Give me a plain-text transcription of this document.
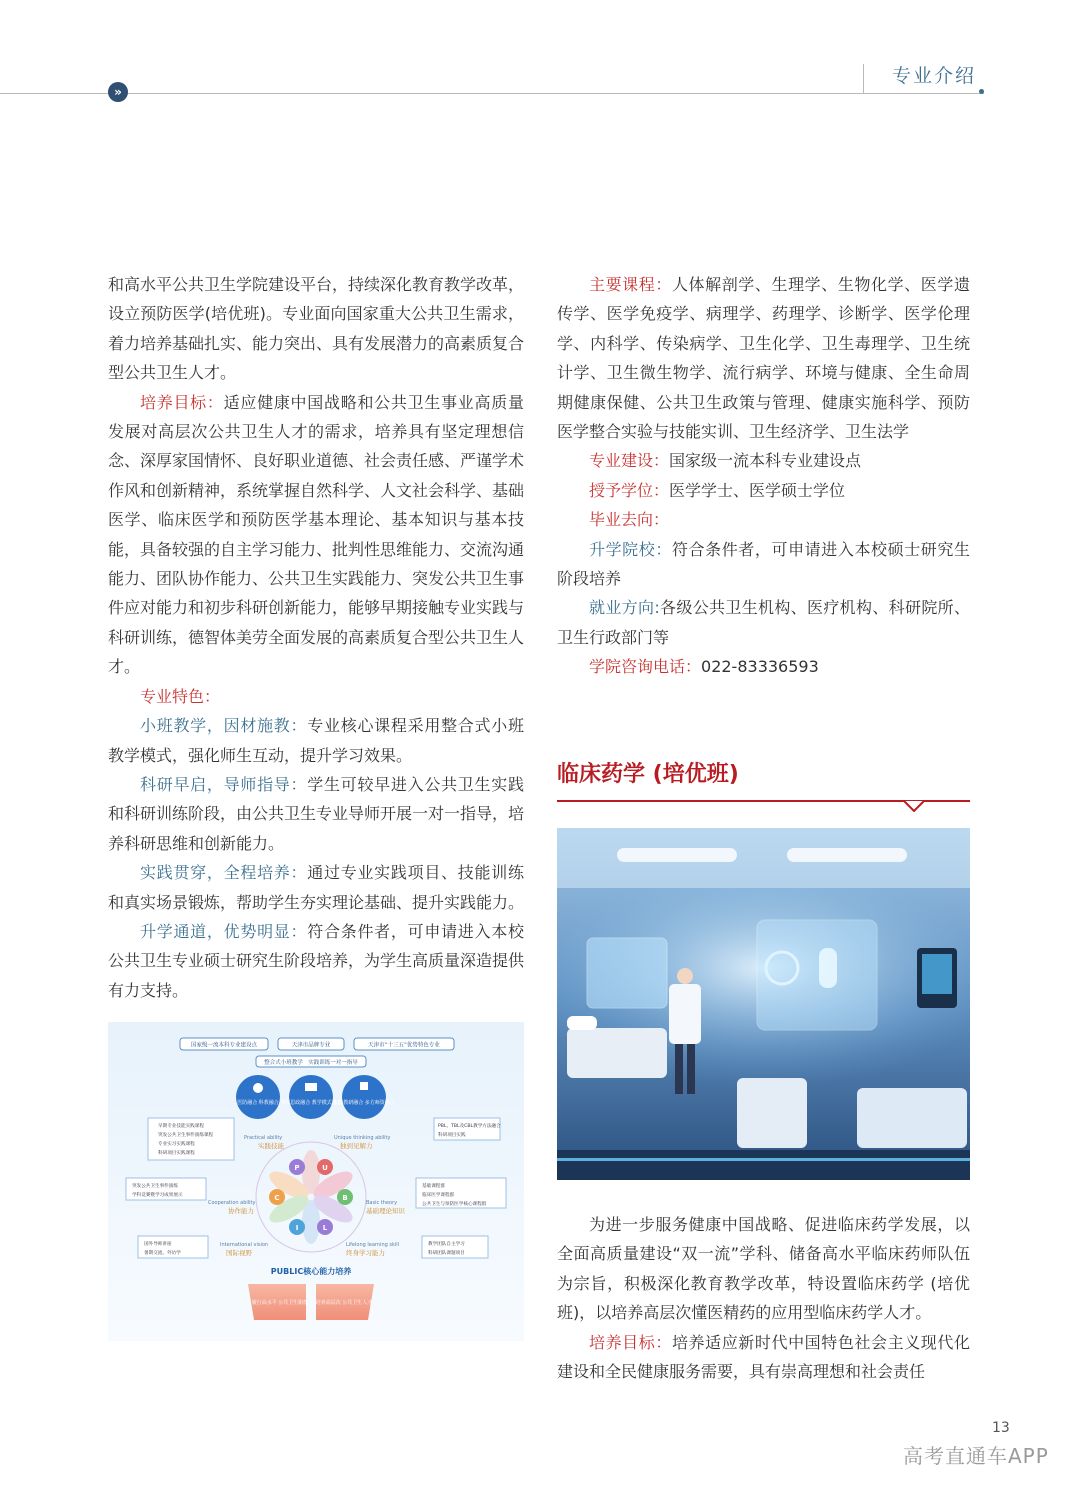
专业介绍
»

和高水平公共卫生学院建设平台，持续深化教育教学改革，设立预防医学(培优班)。专业面向国家重大公共卫生需求，着力培养基础扎实、能力突出、具有发展潜力的高素质复合型公共卫生人才。

培养目标：适应健康中国战略和公共卫生事业高质量发展对高层次公共卫生人才的需求，培养具有坚定理想信念、深厚家国情怀、良好职业道德、社会责任感、严谨学术作风和创新精神，系统掌握自然科学、人文社会科学、基础医学、临床医学和预防医学基本理论、基本知识与基本技能，具备较强的自主学习能力、批判性思维能力、交流沟通能力、团队协作能力、公共卫生实践能力、突发公共卫生事件应对能力和初步科研创新能力，能够早期接触专业实践与科研训练，德智体美劳全面发展的高素质复合型公共卫生人才。

专业特色：

小班教学，因材施教：专业核心课程采用整合式小班教学模式，强化师生互动，提升学习效果。

科研早启，导师指导：学生可较早进入公共卫生实践和科研训练阶段，由公共卫生专业导师开展一对一指导，培养科研思维和创新能力。

实践贯穿，全程培养：通过专业实践项目、技能训练和真实场景锻炼，帮助学生夯实理论基础、提升实践能力。

升学通道，优势明显：符合条件者，可申请进入本校公共卫生专业硕士研究生阶段培养，为学生高质量深造提供有力支持。

国家级一流本科专业建设点	天津市品牌专业	天津市“十三五”优势特色专业
整合式小班教学　实践训练一对一指导
医防融合 科教融合 课程思政融合 教学模式融合
实践教研融合 多方师资融合
早期专业技能实践课程
突发公共卫生事件演练课程
专业实习实践课程
科研项目实践课程
PBL、TBL及CBL教学方法融合
科研项目实践
突发公共卫生事件演练
学科竞赛暨学习成果展示
基础课程群
临床医学课程群
公共卫生与预防医学核心课程群
国外导师讲座
暑期交流、外访学
教学团队自主学习
科研团队课题项目
Practical ability
实践技能
Unique thinking ability
独到见解力
Cooperation ability
协作能力
Basic theory
基础理论知识
International vision
国际视野
Lifelong learning skill
终身学习能力
P	U
B
L
I
C
PUBLIC核心能力培养
履行高水平 公共卫生职能 培养高层次 公共卫生人才

主要课程：人体解剖学、生理学、生物化学、医学遗传学、医学免疫学、病理学、药理学、诊断学、医学伦理学、内科学、传染病学、卫生化学、卫生毒理学、卫生统计学、卫生微生物学、流行病学、环境与健康、全生命周期健康保健、公共卫生政策与管理、健康实施科学、预防医学整合实验与技能实训、卫生经济学、卫生法学

专业建设：国家级一流本科专业建设点

授予学位：医学学士、医学硕士学位

毕业去向：

升学院校：符合条件者，可申请进入本校硕士研究生阶段培养

就业方向:各级公共卫生机构、医疗机构、科研院所、卫生行政部门等

学院咨询电话：022-83336593

临床药学 (培优班)

为进一步服务健康中国战略、促进临床药学发展，以全面高质量建设“双一流”学科、储备高水平临床药师队伍为宗旨，积极深化教育教学改革，特设置临床药学 (培优班)，以培养高层次懂医精药的应用型临床药学人才。

培养目标：培养适应新时代中国特色社会主义现代化建设和全民健康服务需要，具有崇高理想和社会责任

13
高考直通车APP
